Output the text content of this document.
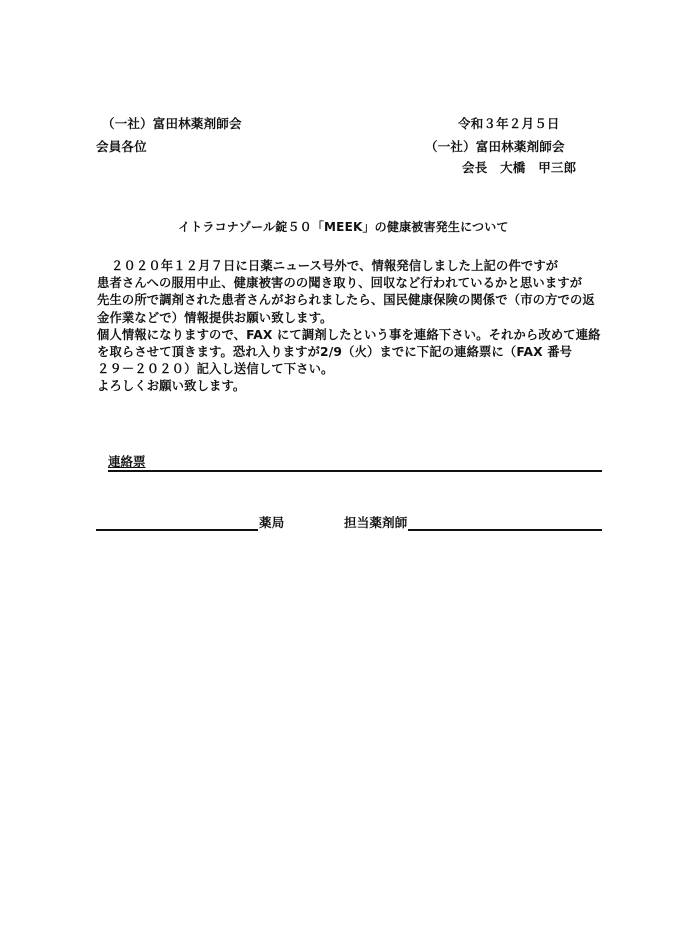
（一社）富田林薬剤師会
会員各位
令和３年２月５日
（一社）富田林薬剤師会
会長　大橋　甲三郎
イトラコナゾール錠５０「MEEK」の健康被害発生について
２０２０年１２月７日に日薬ニュース号外で、情報発信しました上記の件ですが
患者さんへの服用中止、健康被害のの聞き取り、回収など行われているかと思いますが
先生の所で調剤された患者さんがおられましたら、国民健康保険の関係で（市の方での返
金作業などで）情報提供お願い致します。
個人情報になりますので、FAX にて調剤したという事を連絡下さい。それから改めて連絡
を取らさせて頂きます。恐れ入りますが2/9（火）までに下記の連絡票に（FAX 番号
２９－２０２０）記入し送信して下さい。
よろしくお願い致します。
連絡票
薬局	担当薬剤師
